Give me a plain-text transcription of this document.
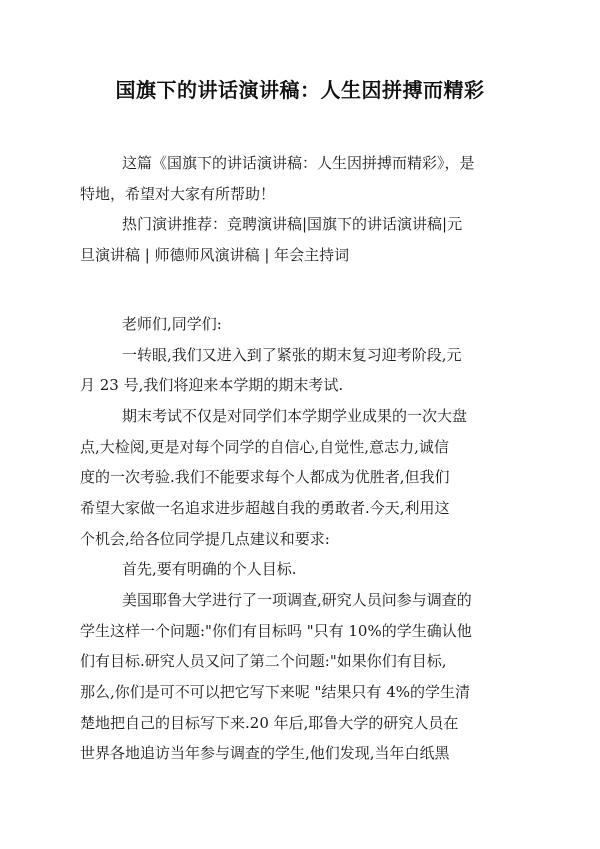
国旗下的讲话演讲稿：人生因拼搏而精彩
这篇《国旗下的讲话演讲稿：人生因拼搏而精彩》，是
特地，希望对大家有所帮助！
热门演讲推荐：竞聘演讲稿|国旗下的讲话演讲稿|元
旦演讲稿 | 师德师风演讲稿 | 年会主持词
老师们,同学们:
一转眼,我们又进入到了紧张的期末复习迎考阶段,元
月 23 号,我们将迎来本学期的期末考试.
期末考试不仅是对同学们本学期学业成果的一次大盘
点,大检阅,更是对每个同学的自信心,自觉性,意志力,诚信
度的一次考验.我们不能要求每个人都成为优胜者,但我们
希望大家做一名追求进步超越自我的勇敢者.今天,利用这
个机会,给各位同学提几点建议和要求:
首先,要有明确的个人目标.
美国耶鲁大学进行了一项调查,研究人员问参与调查的
学生这样一个问题:"你们有目标吗 "只有 10%的学生确认他
们有目标.研究人员又问了第二个问题:"如果你们有目标,
那么,你们是可不可以把它写下来呢 "结果只有 4%的学生清
楚地把自己的目标写下来.20 年后,耶鲁大学的研究人员在
世界各地追访当年参与调查的学生,他们发现,当年白纸黑
